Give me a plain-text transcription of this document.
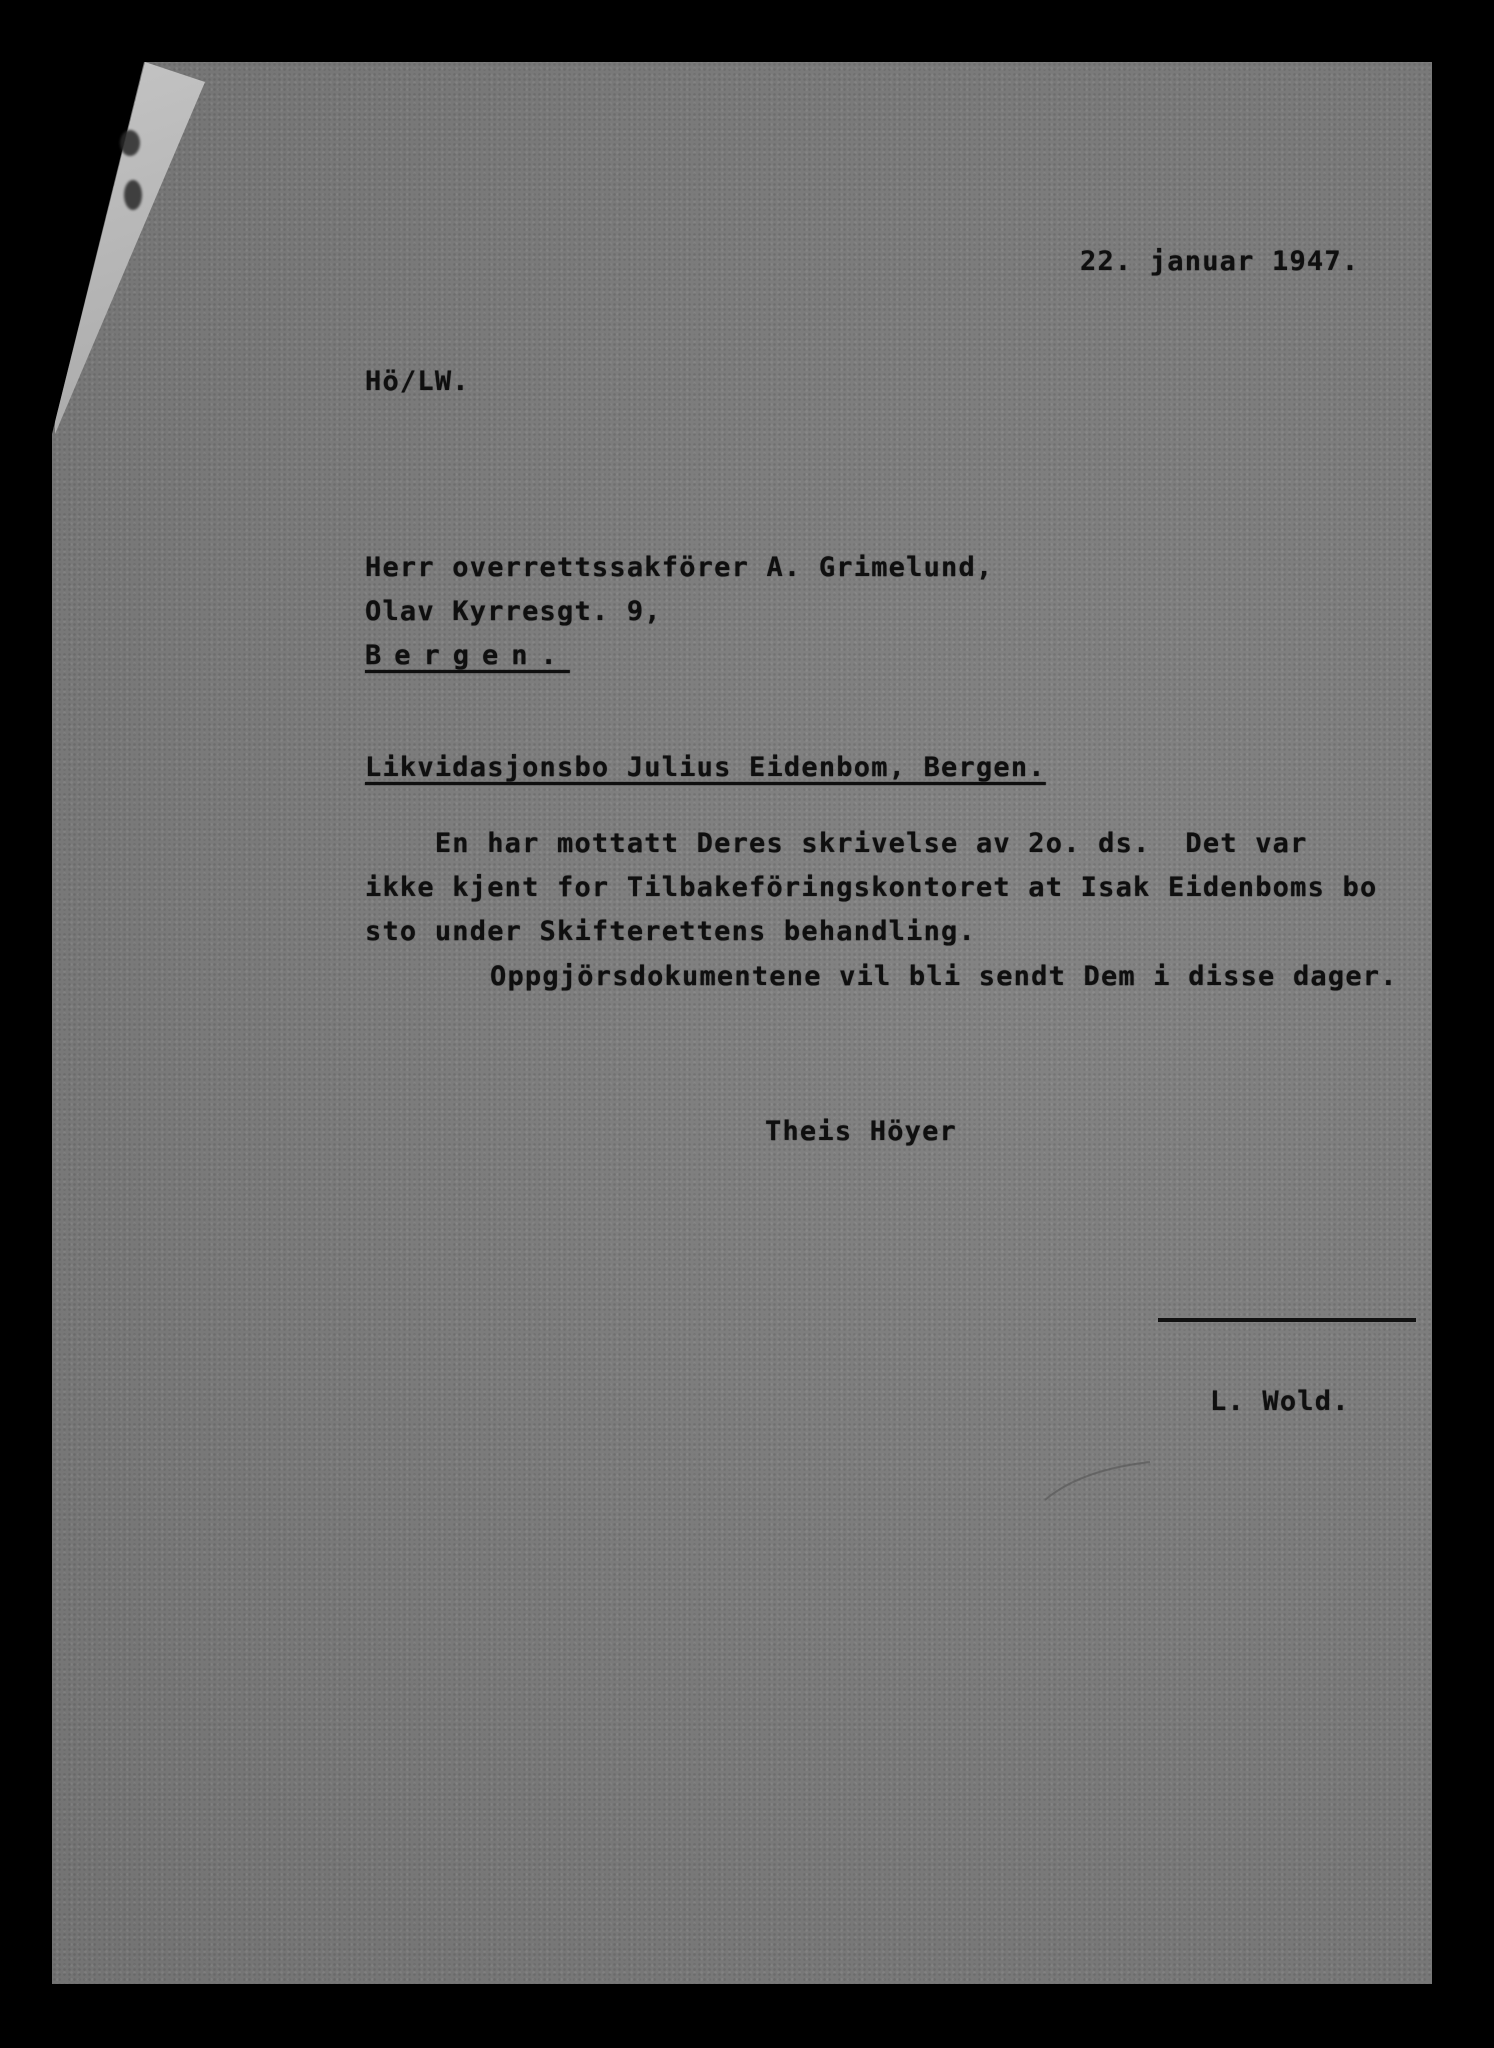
22. januar 1947.
Hö/LW.
Herr overrettssakförer A. Grimelund,
Olav Kyrresgt. 9,
Bergen.
Likvidasjonsbo Julius Eidenbom, Bergen.
En har mottatt Deres skrivelse av 2o. ds.  Det var
ikke kjent for Tilbakeföringskontoret at Isak Eidenboms bo
sto under Skifterettens behandling.
Oppgjörsdokumentene vil bli sendt Dem i disse dager.
Theis Höyer
L. Wold.
